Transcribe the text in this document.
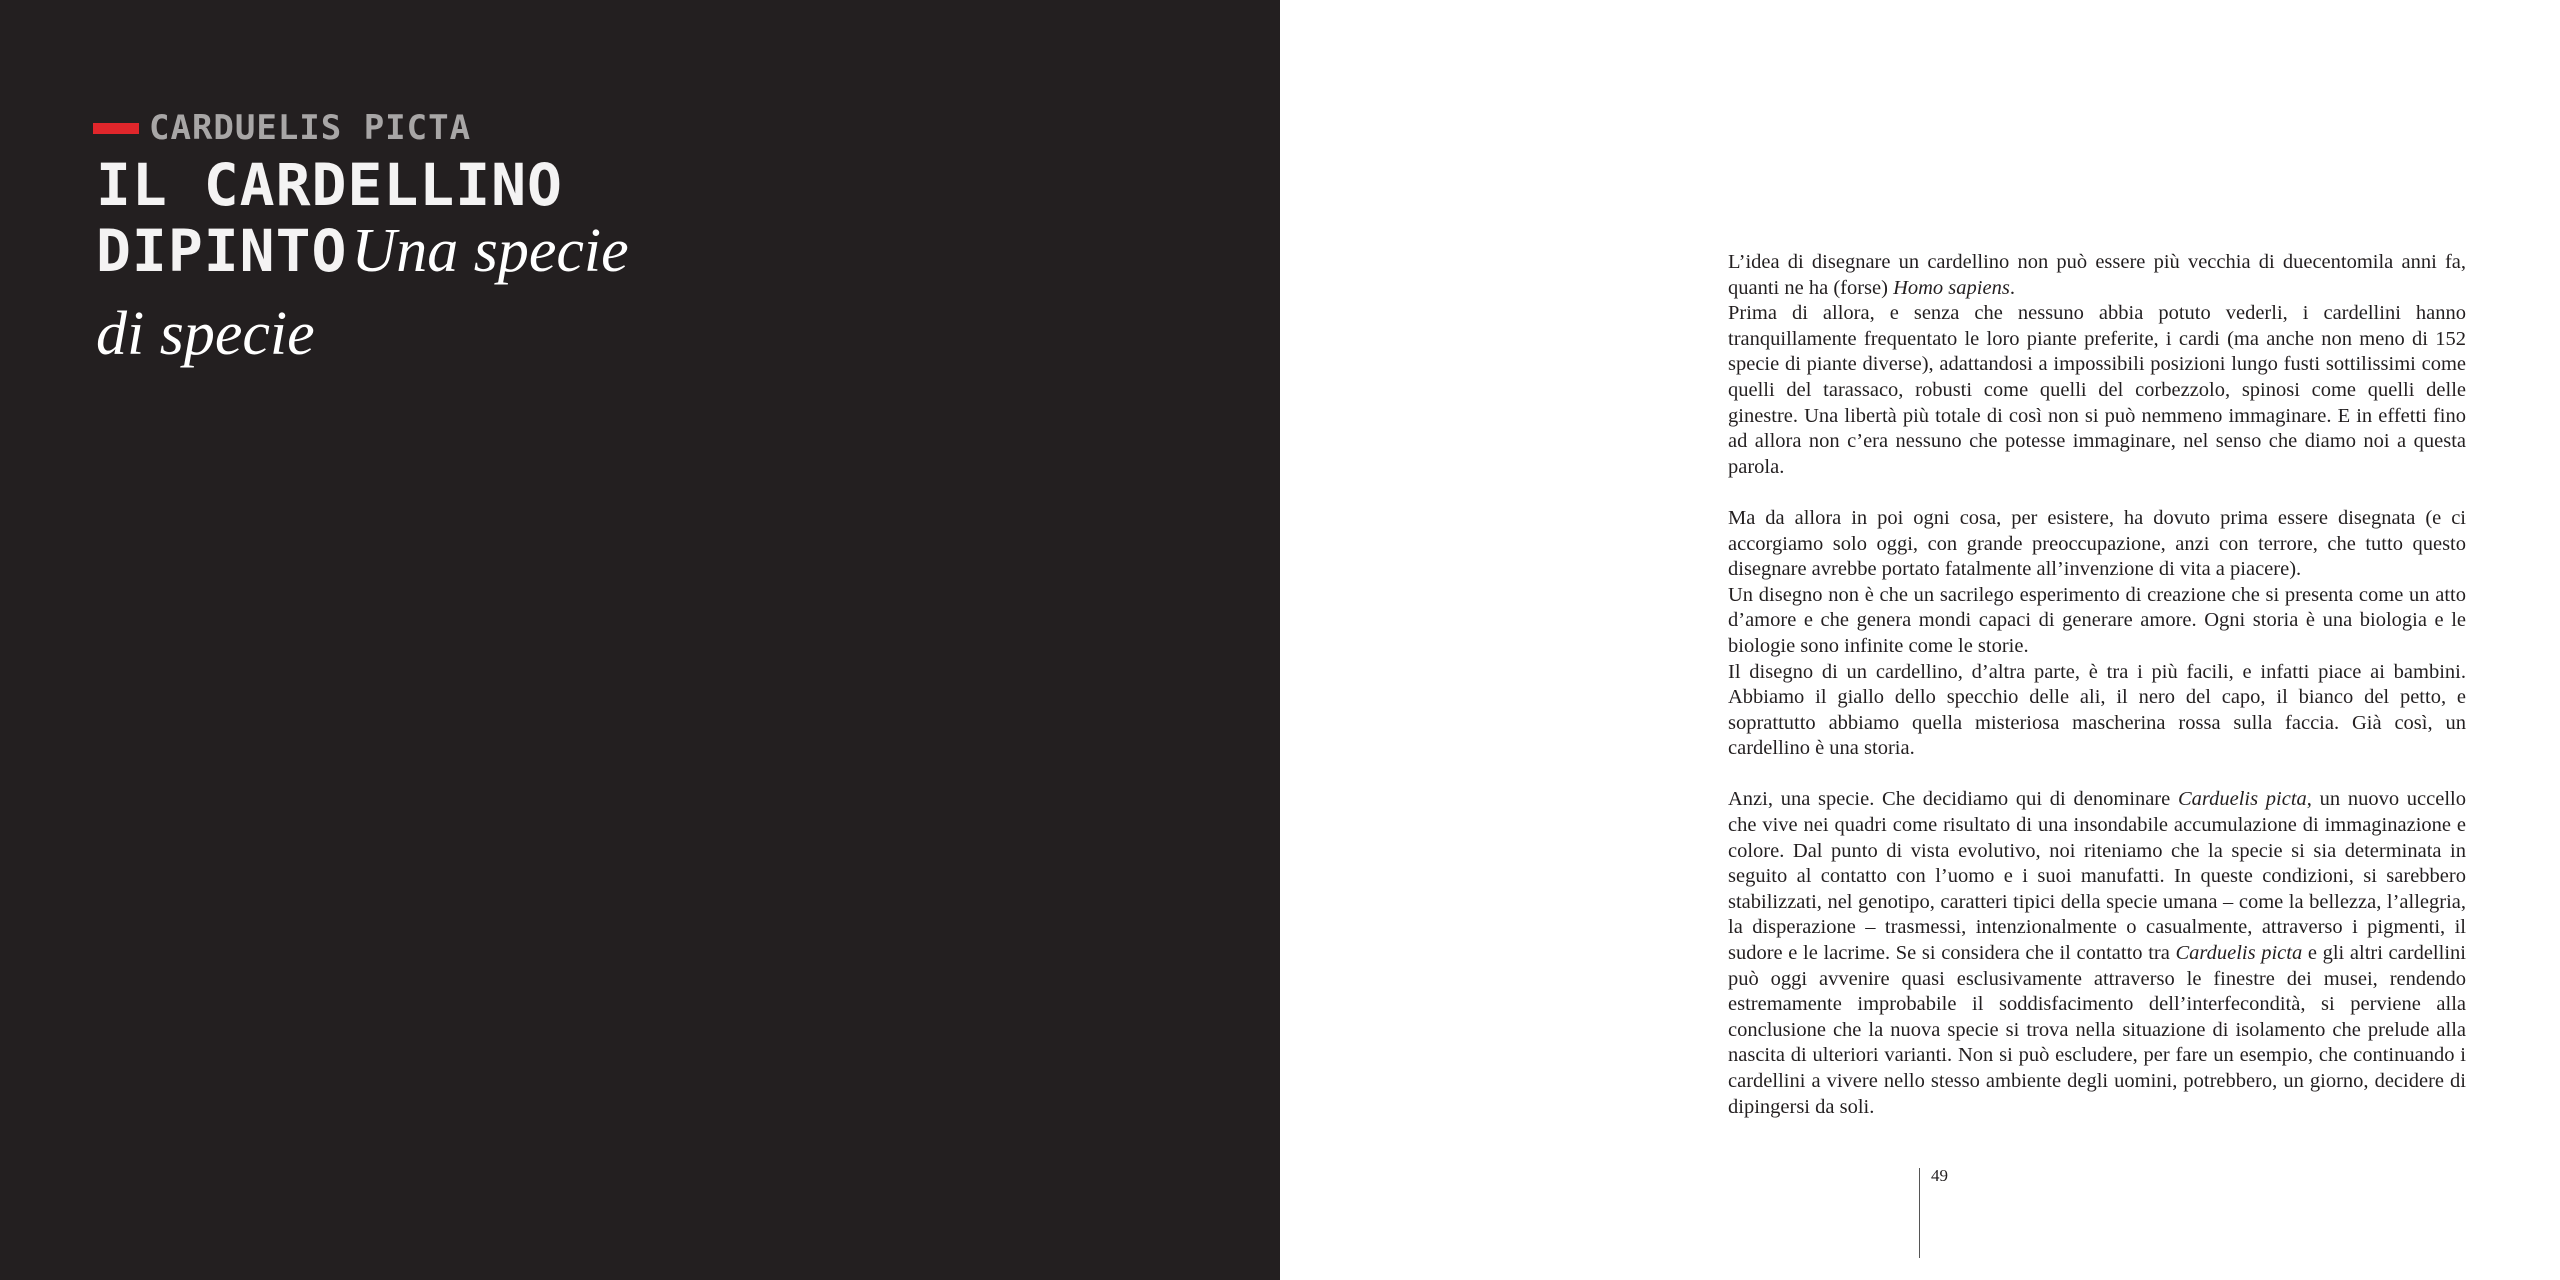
CARDUELIS PICTA
IL CARDELLINO
DIPINTO Una specie
di specie

L’idea di disegnare un cardellino non può essere più vecchia di duecentomila anni fa, quanti ne ha (forse) Homo sapiens.

Prima di allora, e senza che nessuno abbia potuto vederli, i cardellini hanno tranquillamente frequentato le loro piante preferite, i cardi (ma anche non meno di 152 specie di piante diverse), adattandosi a impossibili posizioni lungo fusti sottilissimi come quelli del tarassaco, robusti come quelli del corbezzolo, spinosi come quelli delle ginestre. Una libertà più totale di così non si può nemmeno immaginare. E in effetti fino ad allora non c’era nessuno che potesse immaginare, nel senso che diamo noi a questa parola.

Ma da allora in poi ogni cosa, per esistere, ha dovuto prima essere disegnata (e ci accorgiamo solo oggi, con grande preoccupazione, anzi con terrore, che tutto questo disegnare avrebbe portato fatalmente all’invenzione di vita a piacere).

Un disegno non è che un sacrilego esperimento di creazione che si presenta come un atto d’amore e che genera mondi capaci di generare amore. Ogni storia è una biologia e le biologie sono infinite come le storie.

Il disegno di un cardellino, d’altra parte, è tra i più facili, e infatti piace ai bambini. Abbiamo il giallo dello specchio delle ali, il nero del capo, il bianco del petto, e soprattutto abbiamo quella misteriosa mascherina rossa sulla faccia. Già così, un cardellino è una storia.

Anzi, una specie. Che decidiamo qui di denominare Carduelis picta, un nuovo uccello che vive nei quadri come risultato di una insondabile accumulazione di immaginazione e colore. Dal punto di vista evolutivo, noi riteniamo che la specie si sia determinata in seguito al contatto con l’uomo e i suoi manufatti. In queste condizioni, si sarebbero stabilizzati, nel genotipo, caratteri tipici della specie umana – come la bellezza, l’allegria, la disperazione – trasmessi, intenzionalmente o casualmente, attraverso i pigmenti, il sudore e le lacrime. Se si considera che il contatto tra Carduelis picta e gli altri cardellini può oggi avvenire quasi esclusivamente attraverso le finestre dei musei, rendendo estremamente improbabile il soddisfacimento dell’interfecondità, si perviene alla conclusione che la nuova specie si trova nella situazione di isolamento che prelude alla nascita di ulteriori varianti. Non si può escludere, per fare un esempio, che continuando i cardellini a vivere nello stesso ambiente degli uomini, potrebbero, un giorno, decidere di dipingersi da soli.

49
